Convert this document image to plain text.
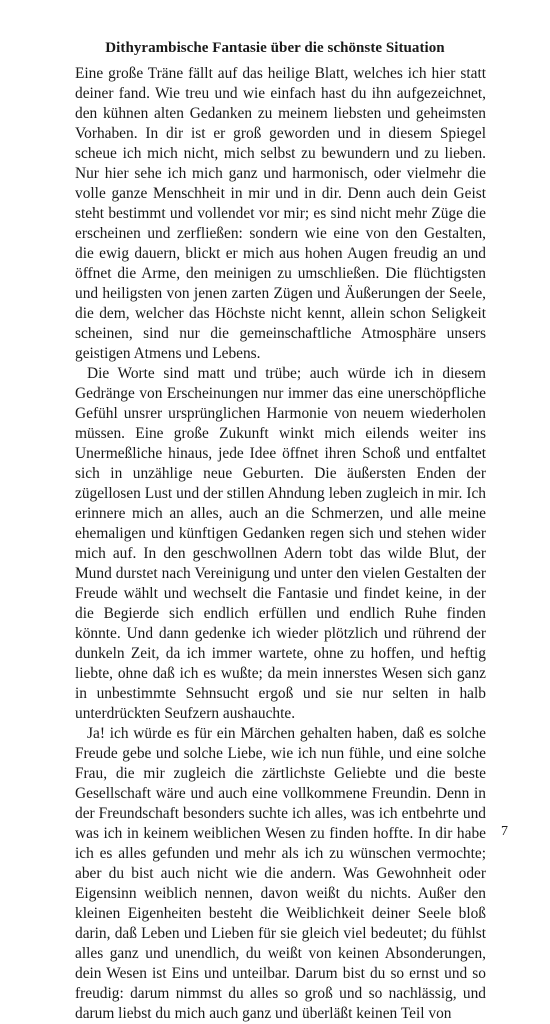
Dithyrambische Fantasie über die schönste Situation

Eine große Träne fällt auf das heilige Blatt, welches ich hier statt deiner fand. Wie treu und wie einfach hast du ihn aufgezeichnet, den kühnen alten Gedanken zu meinem liebsten und geheimsten Vorhaben. In dir ist er groß geworden und in diesem Spiegel scheue ich mich nicht, mich selbst zu bewundern und zu lieben. Nur hier sehe ich mich ganz und harmonisch, oder vielmehr die volle ganze Menschheit in mir und in dir. Denn auch dein Geist steht bestimmt und vollendet vor mir; es sind nicht mehr Züge die erscheinen und zerfließen: sondern wie eine von den Gestalten, die ewig dauern, blickt er mich aus hohen Augen freudig an und öffnet die Arme, den meinigen zu umschließen. Die flüchtigsten und heiligsten von jenen zarten Zügen und Äußerungen der Seele, die dem, welcher das Höchste nicht kennt, allein schon Seligkeit scheinen, sind nur die gemeinschaftliche Atmosphäre unsers geistigen Atmens und Lebens.

Die Worte sind matt und trübe; auch würde ich in diesem Gedränge von Erscheinungen nur immer das eine unerschöpfliche Gefühl unsrer ursprünglichen Harmonie von neuem wiederholen müssen. Eine große Zukunft winkt mich eilends weiter ins Unermeßliche hinaus, jede Idee öffnet ihren Schoß und entfaltet sich in unzählige neue Geburten. Die äußersten Enden der zügellosen Lust und der stillen Ahndung leben zugleich in mir. Ich erinnere mich an alles, auch an die Schmerzen, und alle meine ehemaligen und künftigen Gedanken regen sich und stehen wider mich auf. In den geschwollnen Adern tobt das wilde Blut, der Mund durstet nach Vereinigung und unter den vielen Gestalten der Freude wählt und wechselt die Fantasie und findet keine, in der die Begierde sich endlich erfüllen und endlich Ruhe finden könnte. Und dann gedenke ich wieder plötzlich und rührend der dunkeln Zeit, da ich immer wartete, ohne zu hoffen, und heftig liebte, ohne daß ich es wußte; da mein innerstes Wesen sich ganz in unbestimmte Sehnsucht ergoß und sie nur selten in halb unterdrückten Seufzern aushauchte.

Ja! ich würde es für ein Märchen gehalten haben, daß es solche Freude gebe und solche Liebe, wie ich nun fühle, und eine solche Frau, die mir zugleich die zärtlichste Geliebte und die beste Gesellschaft wäre und auch eine vollkommene Freundin. Denn in der Freundschaft besonders suchte ich alles, was ich entbehrte und was ich in keinem weiblichen Wesen zu finden hoffte. In dir habe ich es alles gefunden und mehr als ich zu wünschen vermochte; aber du bist auch nicht wie die andern. Was Gewohnheit oder Eigensinn weiblich nennen, davon weißt du nichts. Außer den kleinen Eigenheiten besteht die Weiblichkeit deiner Seele bloß darin, daß Leben und Lieben für sie gleich viel bedeutet; du fühlst alles ganz und unendlich, du weißt von keinen Absonderungen, dein Wesen ist Eins und unteilbar. Darum bist du so ernst und so freudig: darum nimmst du alles so groß und so nachlässig, und darum liebst du mich auch ganz und überläßt keinen Teil von

7
